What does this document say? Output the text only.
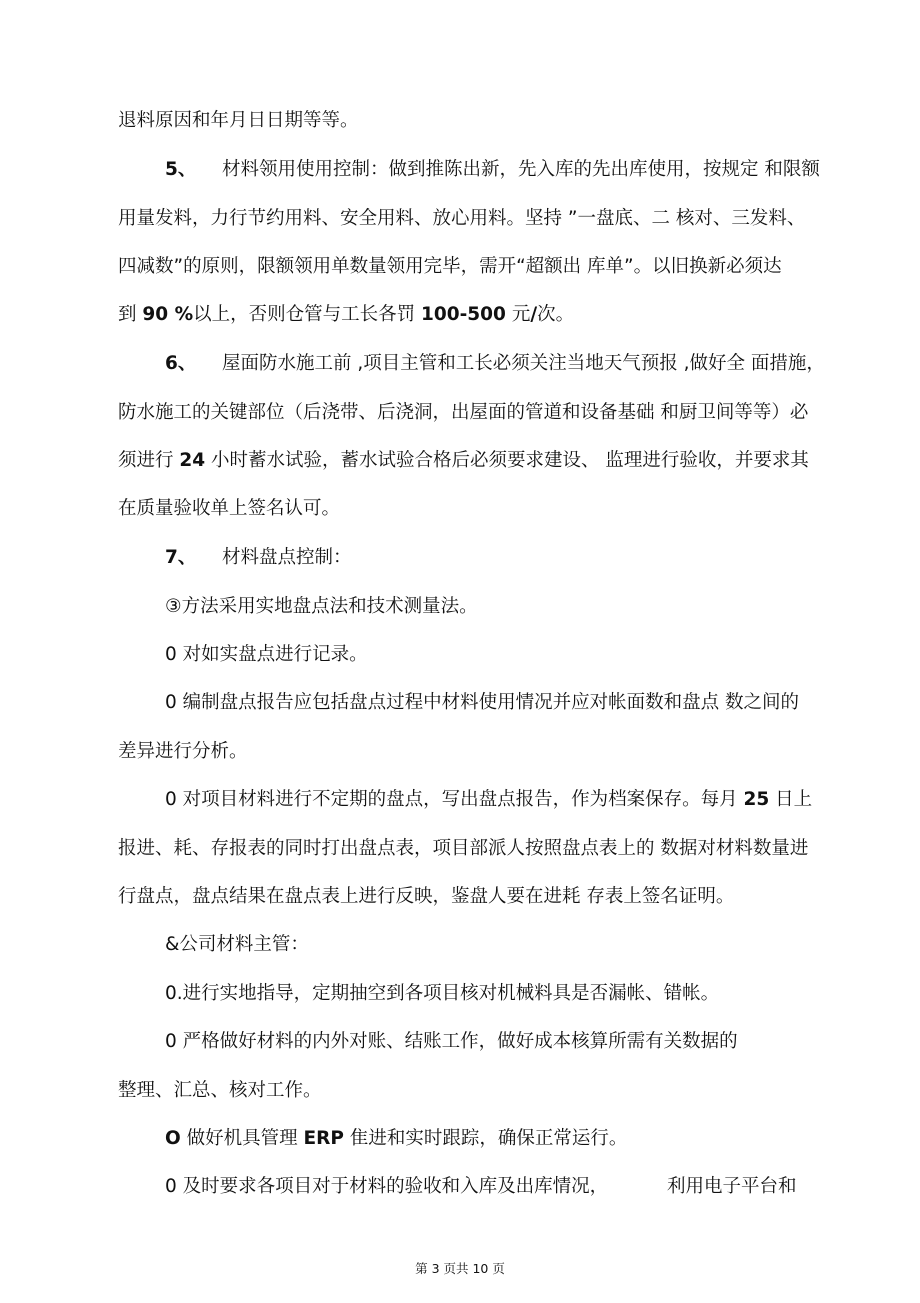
退料原因和年月日日期等等。
5、 材料领用使用控制：做到推陈出新，先入库的先出库使用，按规定 和限额
用量发料，力行节约用料、安全用料、放心用料。坚持 ”一盘底、二 核对、三发料、
四减数”的原则，限额领用单数量领用完毕，需开“超额出 库单”。以旧换新必须达
到 90 %以上，否则仓管与工长各罚 100-500 元/次。
6、 屋面防水施工前 ,项目主管和工长必须关注当地天气预报 ,做好全 面措施，
防水施工的关键部位（后浇带、后浇洞，出屋面的管道和设备基础 和厨卫间等等）必
须进行 24 小时蓄水试验，蓄水试验合格后必须要求建设、 监理进行验收，并要求其
在质量验收单上签名认可。
7、 材料盘点控制：
③方法采用实地盘点法和技术测量法。
0 对如实盘点进行记录。
0 编制盘点报告应包括盘点过程中材料使用情况并应对帐面数和盘点 数之间的
差异进行分析。
0 对项目材料进行不定期的盘点，写出盘点报告，作为档案保存。每月 25 日上
报进、耗、存报表的同时打出盘点表，项目部派人按照盘点表上的 数据对材料数量进
行盘点，盘点结果在盘点表上进行反映，鉴盘人要在进耗 存表上签名证明。
&公司材料主管：
0.进行实地指导，定期抽空到各项目核对机械料具是否漏帐、错帐。
0 严格做好材料的内外对账、结账工作，做好成本核算所需有关数据的
整理、汇总、核对工作。
O 做好机具管理 ERP 隹进和实时跟踪，确保正常运行。
0 及时要求各项目对于材料的验收和入库及出库情况，          利用电子平台和
第 3 页共 10 页
